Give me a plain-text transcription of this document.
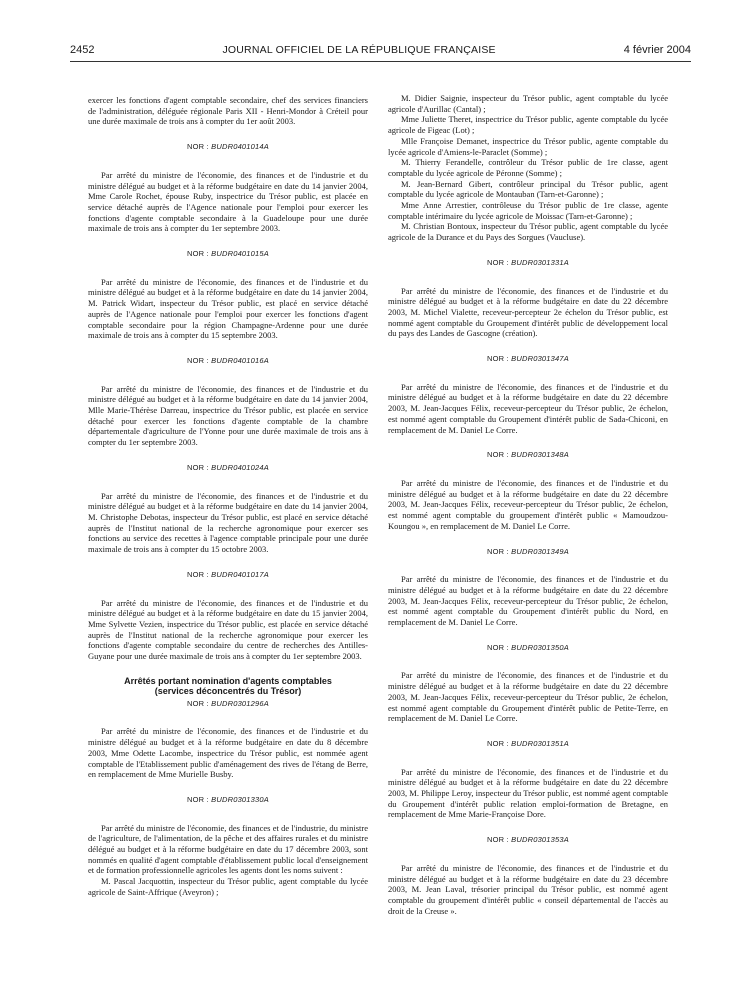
2452	JOURNAL OFFICIEL DE LA RÉPUBLIQUE FRANÇAISE	4 février 2004

exercer les fonctions d'agent comptable secondaire, chef des services financiers de l'administration, déléguée régionale Paris XII - Henri-Mondor à Créteil pour une durée maximale de trois ans à compter du 1er août 2003.

NOR : BUDR0401014A

Par arrêté du ministre de l'économie, des finances et de l'industrie et du ministre délégué au budget et à la réforme budgétaire en date du 14 janvier 2004, Mme Carole Rochet, épouse Ruby, inspectrice du Trésor public, est placée en service détaché auprès de l'Agence nationale pour l'emploi pour exercer les fonctions d'agente comptable secondaire à la Guadeloupe pour une durée maximale de trois ans à compter du 1er septembre 2003.

NOR : BUDR0401015A

Par arrêté du ministre de l'économie, des finances et de l'industrie et du ministre délégué au budget et à la réforme budgétaire en date du 14 janvier 2004, M. Patrick Widart, inspecteur du Trésor public, est placé en service détaché auprès de l'Agence nationale pour l'emploi pour exercer les fonctions d'agent comptable secondaire pour la région Champagne-Ardenne pour une durée maximale de trois ans à compter du 15 septembre 2003.

NOR : BUDR0401016A

Par arrêté du ministre de l'économie, des finances et de l'industrie et du ministre délégué au budget et à la réforme budgétaire en date du 14 janvier 2004, Mlle Marie-Thérèse Darreau, inspectrice du Trésor public, est placée en service détaché pour exercer les fonctions d'agente comptable de la chambre départementale d'agriculture de l'Yonne pour une durée maximale de trois ans à compter du 1er septembre 2003.

NOR : BUDR0401024A

Par arrêté du ministre de l'économie, des finances et de l'industrie et du ministre délégué au budget et à la réforme budgétaire en date du 14 janvier 2004, M. Christophe Debotas, inspecteur du Trésor public, est placé en service détaché auprès de l'Institut national de la recherche agronomique pour exercer ses fonctions au service des recettes à l'agence comptable principale pour une durée maximale de trois ans à compter du 15 octobre 2003.

NOR : BUDR0401017A

Par arrêté du ministre de l'économie, des finances et de l'industrie et du ministre délégué au budget et à la réforme budgétaire en date du 15 janvier 2004, Mme Sylvette Vezien, inspectrice du Trésor public, est placée en service détaché auprès de l'Institut national de la recherche agronomique pour exercer les fonctions d'agente comptable secondaire du centre de recherches des Antilles-Guyane pour une durée maximale de trois ans à compter du 1er septembre 2003.

Arrêtés portant nomination d'agents comptables
(services déconcentrés du Trésor)
NOR : BUDR0301296A

Par arrêté du ministre de l'économie, des finances et de l'industrie et du ministre délégué au budget et à la réforme budgétaire en date du 8 décembre 2003, Mme Odette Lacombe, inspectrice du Trésor public, est nommée agent comptable de l'Etablissement public d'aménagement des rives de l'étang de Berre, en remplacement de Mme Murielle Busby.

NOR : BUDR0301330A

Par arrêté du ministre de l'économie, des finances et de l'industrie, du ministre de l'agriculture, de l'alimentation, de la pêche et des affaires rurales et du ministre délégué au budget et à la réforme budgétaire en date du 17 décembre 2003, sont nommés en qualité d'agent comptable d'établissement public local d'enseignement et de formation professionnelle agricoles les agents dont les noms suivent :

M. Pascal Jacquottin, inspecteur du Trésor public, agent comptable du lycée agricole de Saint-Affrique (Aveyron) ;

M. Didier Saignie, inspecteur du Trésor public, agent comptable du lycée agricole d'Aurillac (Cantal) ;

Mme Juliette Theret, inspectrice du Trésor public, agente comptable du lycée agricole de Figeac (Lot) ;

Mlle Françoise Demanet, inspectrice du Trésor public, agente comptable du lycée agricole d'Amiens-le-Paraclet (Somme) ;

M. Thierry Ferandelle, contrôleur du Trésor public de 1re classe, agent comptable du lycée agricole de Péronne (Somme) ;

M. Jean-Bernard Gibert, contrôleur principal du Trésor public, agent comptable du lycée agricole de Montauban (Tarn-et-Garonne) ;

Mme Anne Arrestier, contrôleuse du Trésor public de 1re classe, agente comptable intérimaire du lycée agricole de Moissac (Tarn-et-Garonne) ;

M. Christian Bontoux, inspecteur du Trésor public, agent comptable du lycée agricole de la Durance et du Pays des Sorgues (Vaucluse).

NOR : BUDR0301331A

Par arrêté du ministre de l'économie, des finances et de l'industrie et du ministre délégué au budget et à la réforme budgétaire en date du 22 décembre 2003, M. Michel Vialette, receveur-percepteur 2e échelon du Trésor public, est nommé agent comptable du Groupement d'intérêt public de développement local du pays des Landes de Gascogne (création).

NOR : BUDR0301347A

Par arrêté du ministre de l'économie, des finances et de l'industrie et du ministre délégué au budget et à la réforme budgétaire en date du 22 décembre 2003, M. Jean-Jacques Félix, receveur-percepteur du Trésor public, 2e échelon, est nommé agent comptable du Groupement d'intérêt public de Sada-Chiconi, en remplacement de M. Daniel Le Corre.

NOR : BUDR0301348A

Par arrêté du ministre de l'économie, des finances et de l'industrie et du ministre délégué au budget et à la réforme budgétaire en date du 22 décembre 2003, M. Jean-Jacques Félix, receveur-percepteur du Trésor public, 2e échelon, est nommé agent comptable du groupement d'intérêt public « Mamoudzou-Koungou », en remplacement de M. Daniel Le Corre.

NOR : BUDR0301349A

Par arrêté du ministre de l'économie, des finances et de l'industrie et du ministre délégué au budget et à la réforme budgétaire en date du 22 décembre 2003, M. Jean-Jacques Félix, receveur-percepteur du Trésor public, 2e échelon, est nommé agent comptable du Groupement d'intérêt public du Nord, en remplacement de M. Daniel Le Corre.

NOR : BUDR0301350A

Par arrêté du ministre de l'économie, des finances et de l'industrie et du ministre délégué au budget et à la réforme budgétaire en date du 22 décembre 2003, M. Jean-Jacques Félix, receveur-percepteur du Trésor public, 2e échelon, est nommé agent comptable du Groupement d'intérêt public de Petite-Terre, en remplacement de M. Daniel Le Corre.

NOR : BUDR0301351A

Par arrêté du ministre de l'économie, des finances et de l'industrie et du ministre délégué au budget et à la réforme budgétaire en date du 22 décembre 2003, M. Philippe Leroy, inspecteur du Trésor public, est nommé agent comptable du Groupement d'intérêt public relation emploi-formation de Bretagne, en remplacement de Mme Marie-Françoise Dore.

NOR : BUDR0301353A

Par arrêté du ministre de l'économie, des finances et de l'industrie et du ministre délégué au budget et à la réforme budgétaire en date du 23 décembre 2003, M. Jean Laval, trésorier principal du Trésor public, est nommé agent comptable du groupement d'intérêt public « conseil départemental de l'accès au droit de la Creuse ».
